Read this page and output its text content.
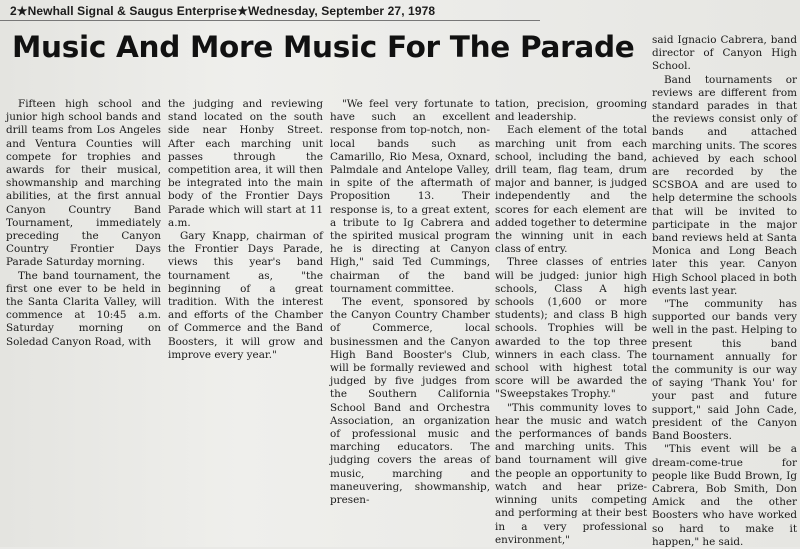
2★Newhall Signal & Saugus Enterprise★Wednesday, September 27, 1978
Music And More Music For The Parade

Fifteen high school and junior high school bands and drill teams from Los Angeles and Ventura Counties will compete for trophies and awards for their musical, showmanship and marching abilities, at the first annual Canyon Country Band Tournament, immediately preceding the Canyon Country Frontier Days Parade Saturday morning.

The band tournament, the first one ever to be held in the Santa Clarita Valley, will commence at 10:45 a.m. Saturday morning on Soledad Canyon Road, with

the judging and reviewing stand located on the south side near Honby Street. After each marching unit passes through the competition area, it will then be integrated into the main body of the Frontier Days Parade which will start at 11 a.m.

Gary Knapp, chairman of the Frontier Days Parade, views this year's band tournament as, "the beginning of a great tradition. With the interest and efforts of the Chamber of Commerce and the Band Boosters, it will grow and improve every year."

"We feel very fortunate to have such an excellent response from top-notch, non-local bands such as Camarillo, Rio Mesa, Oxnard, Palmdale and Antelope Valley, in spite of the aftermath of Proposition 13. Their response is, to a great extent, a tribute to Ig Cabrera and the spirited musical program he is directing at Canyon High," said Ted Cummings, chairman of the band tournament committee.

The event, sponsored by the Canyon Country Chamber of Commerce, local businessmen and the Canyon High Band Booster's Club, will be formally reviewed and judged by five judges from the Southern California School Band and Orchestra Association, an organization of professional music and marching educators. The judging covers the areas of music, marching and maneuvering, showmanship, presen-

tation, precision, grooming and leadership.

Each element of the total marching unit from each school, including the band, drill team, flag team, drum major and banner, is judged independently and the scores for each element are added together to determine the winning unit in each class of entry.

Three classes of entries will be judged: junior high schools, Class A high schools (1,600 or more students); and class B high schools. Trophies will be awarded to the top three winners in each class. The school with highest total score will be awarded the "Sweepstakes Trophy."

"This community loves to hear the music and watch the performances of bands and marching units. This band tournament will give the people an opportunity to watch and hear prize-winning units competing and performing at their best in a very professional environment,"

said Ignacio Cabrera, band director of Canyon High School.

Band tournaments or reviews are different from standard parades in that the reviews consist only of bands and attached marching units. The scores achieved by each school are recorded by the SCSBOA and are used to help determine the schools that will be invited to participate in the major band reviews held at Santa Monica and Long Beach later this year. Canyon High School placed in both events last year.

"The community has supported our bands very well in the past. Helping to present this band tournament annually for the community is our way of saying 'Thank You' for your past and future support," said John Cade, president of the Canyon Band Boosters.

"This event will be a dream-come-true for people like Budd Brown, Ig Cabrera, Bob Smith, Don Amick and the other Boosters who have worked so hard to make it happen," he said.
